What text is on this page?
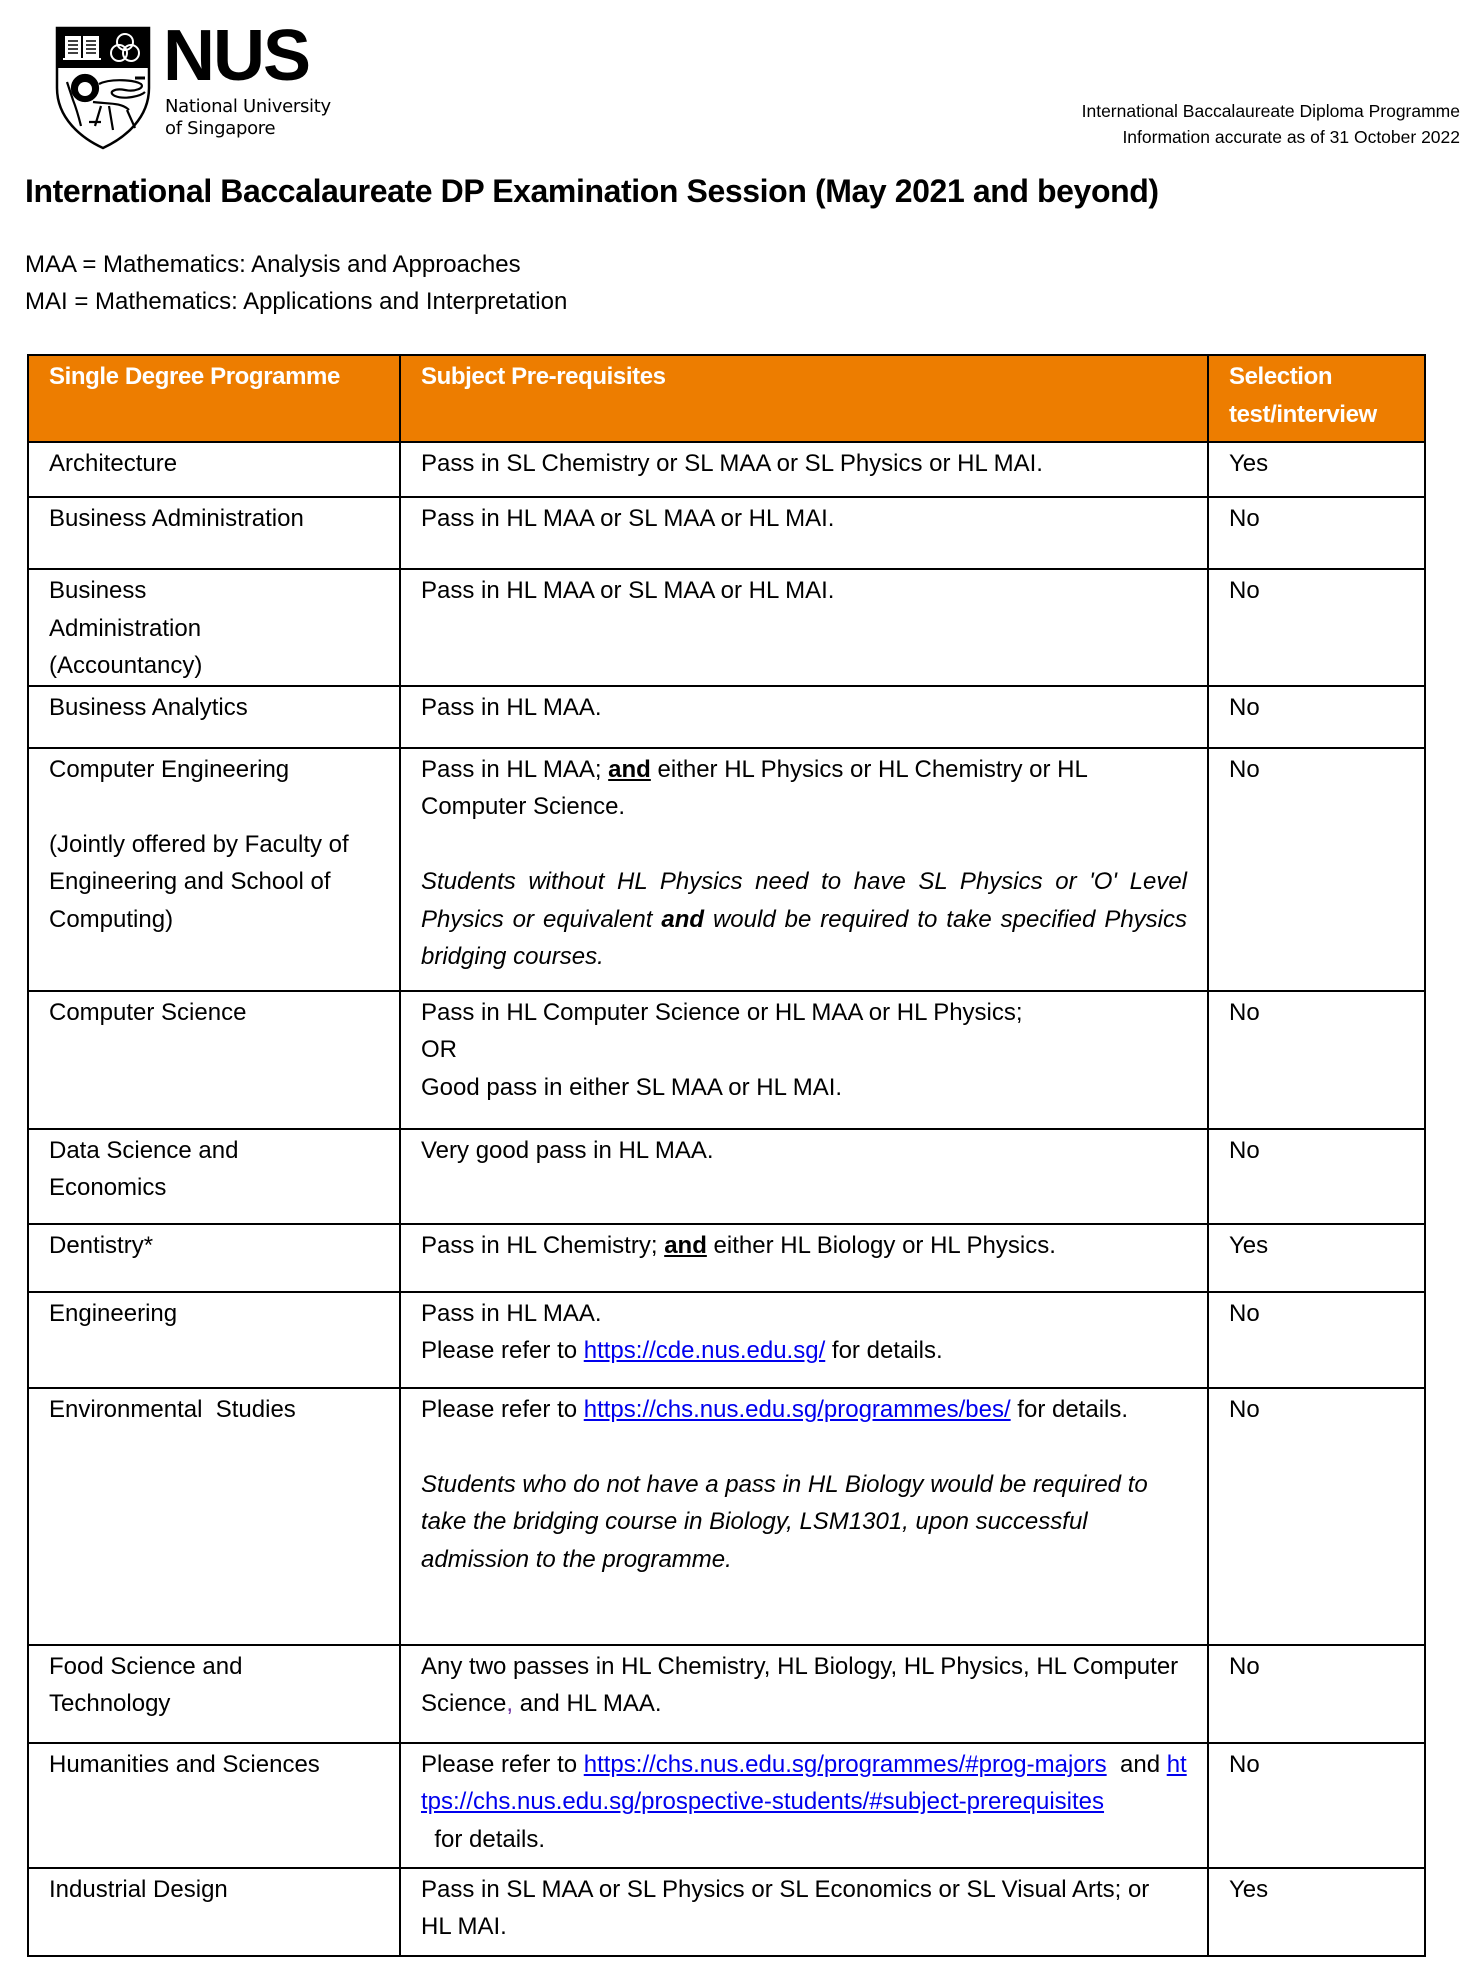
NUS
National University
of Singapore
International Baccalaureate Diploma Programme
Information accurate as of 31 October 2022
International Baccalaureate DP Examination Session (May 2021 and beyond)
MAA = Mathematics: Analysis and Approaches
MAI = Mathematics: Applications and Interpretation
Single Degree Programme	Subject Pre-requisites	Selection
test/interview

Architecture	Pass in SL Chemistry or SL MAA or SL Physics or HL MAI.	Yes
Business Administration	Pass in HL MAA or SL MAA or HL MAI.	No

Business
Administration
(Accountancy)	Pass in HL MAA or SL MAA or HL MAI.	No
Business Analytics	Pass in HL MAA.	No

Computer Engineering
(Jointly offered by Faculty of Engineering and School of Computing)	Pass in HL MAA; and either HL Physics or HL Chemistry or HL Computer Science.
Students without HL Physics need to have SL Physics or 'O' Level Physics or equivalent and would be required to take specified Physics bridging courses.	No
Computer Science	Pass in HL Computer Science or HL MAA or HL Physics;
OR
Good pass in either SL MAA or HL MAI.	No
Data Science and Economics	Very good pass in HL MAA.	No
Dentistry*	Pass in HL Chemistry; and either HL Biology or HL Physics.	Yes
Engineering	Pass in HL MAA.
Please refer to https://cde.nus.edu.sg/ for details.	No
Environmental  Studies	Please refer to https://chs.nus.edu.sg/programmes/bes/ for details.
Students who do not have a pass in HL Biology would be required to take the bridging course in Biology, LSM1301, upon successful admission to the programme.	No
Food Science and Technology	Any two passes in HL Chemistry, HL Biology, HL Physics, HL Computer Science, and HL MAA.	No
Humanities and Sciences	Please refer to https://chs.nus.edu.sg/programmes/#prog-majors  and https://chs.nus.edu.sg/prospective-students/#subject-prerequisites  for details.	No
Industrial Design	Pass in SL MAA or SL Physics or SL Economics or SL Visual Arts; or HL MAI.	Yes
